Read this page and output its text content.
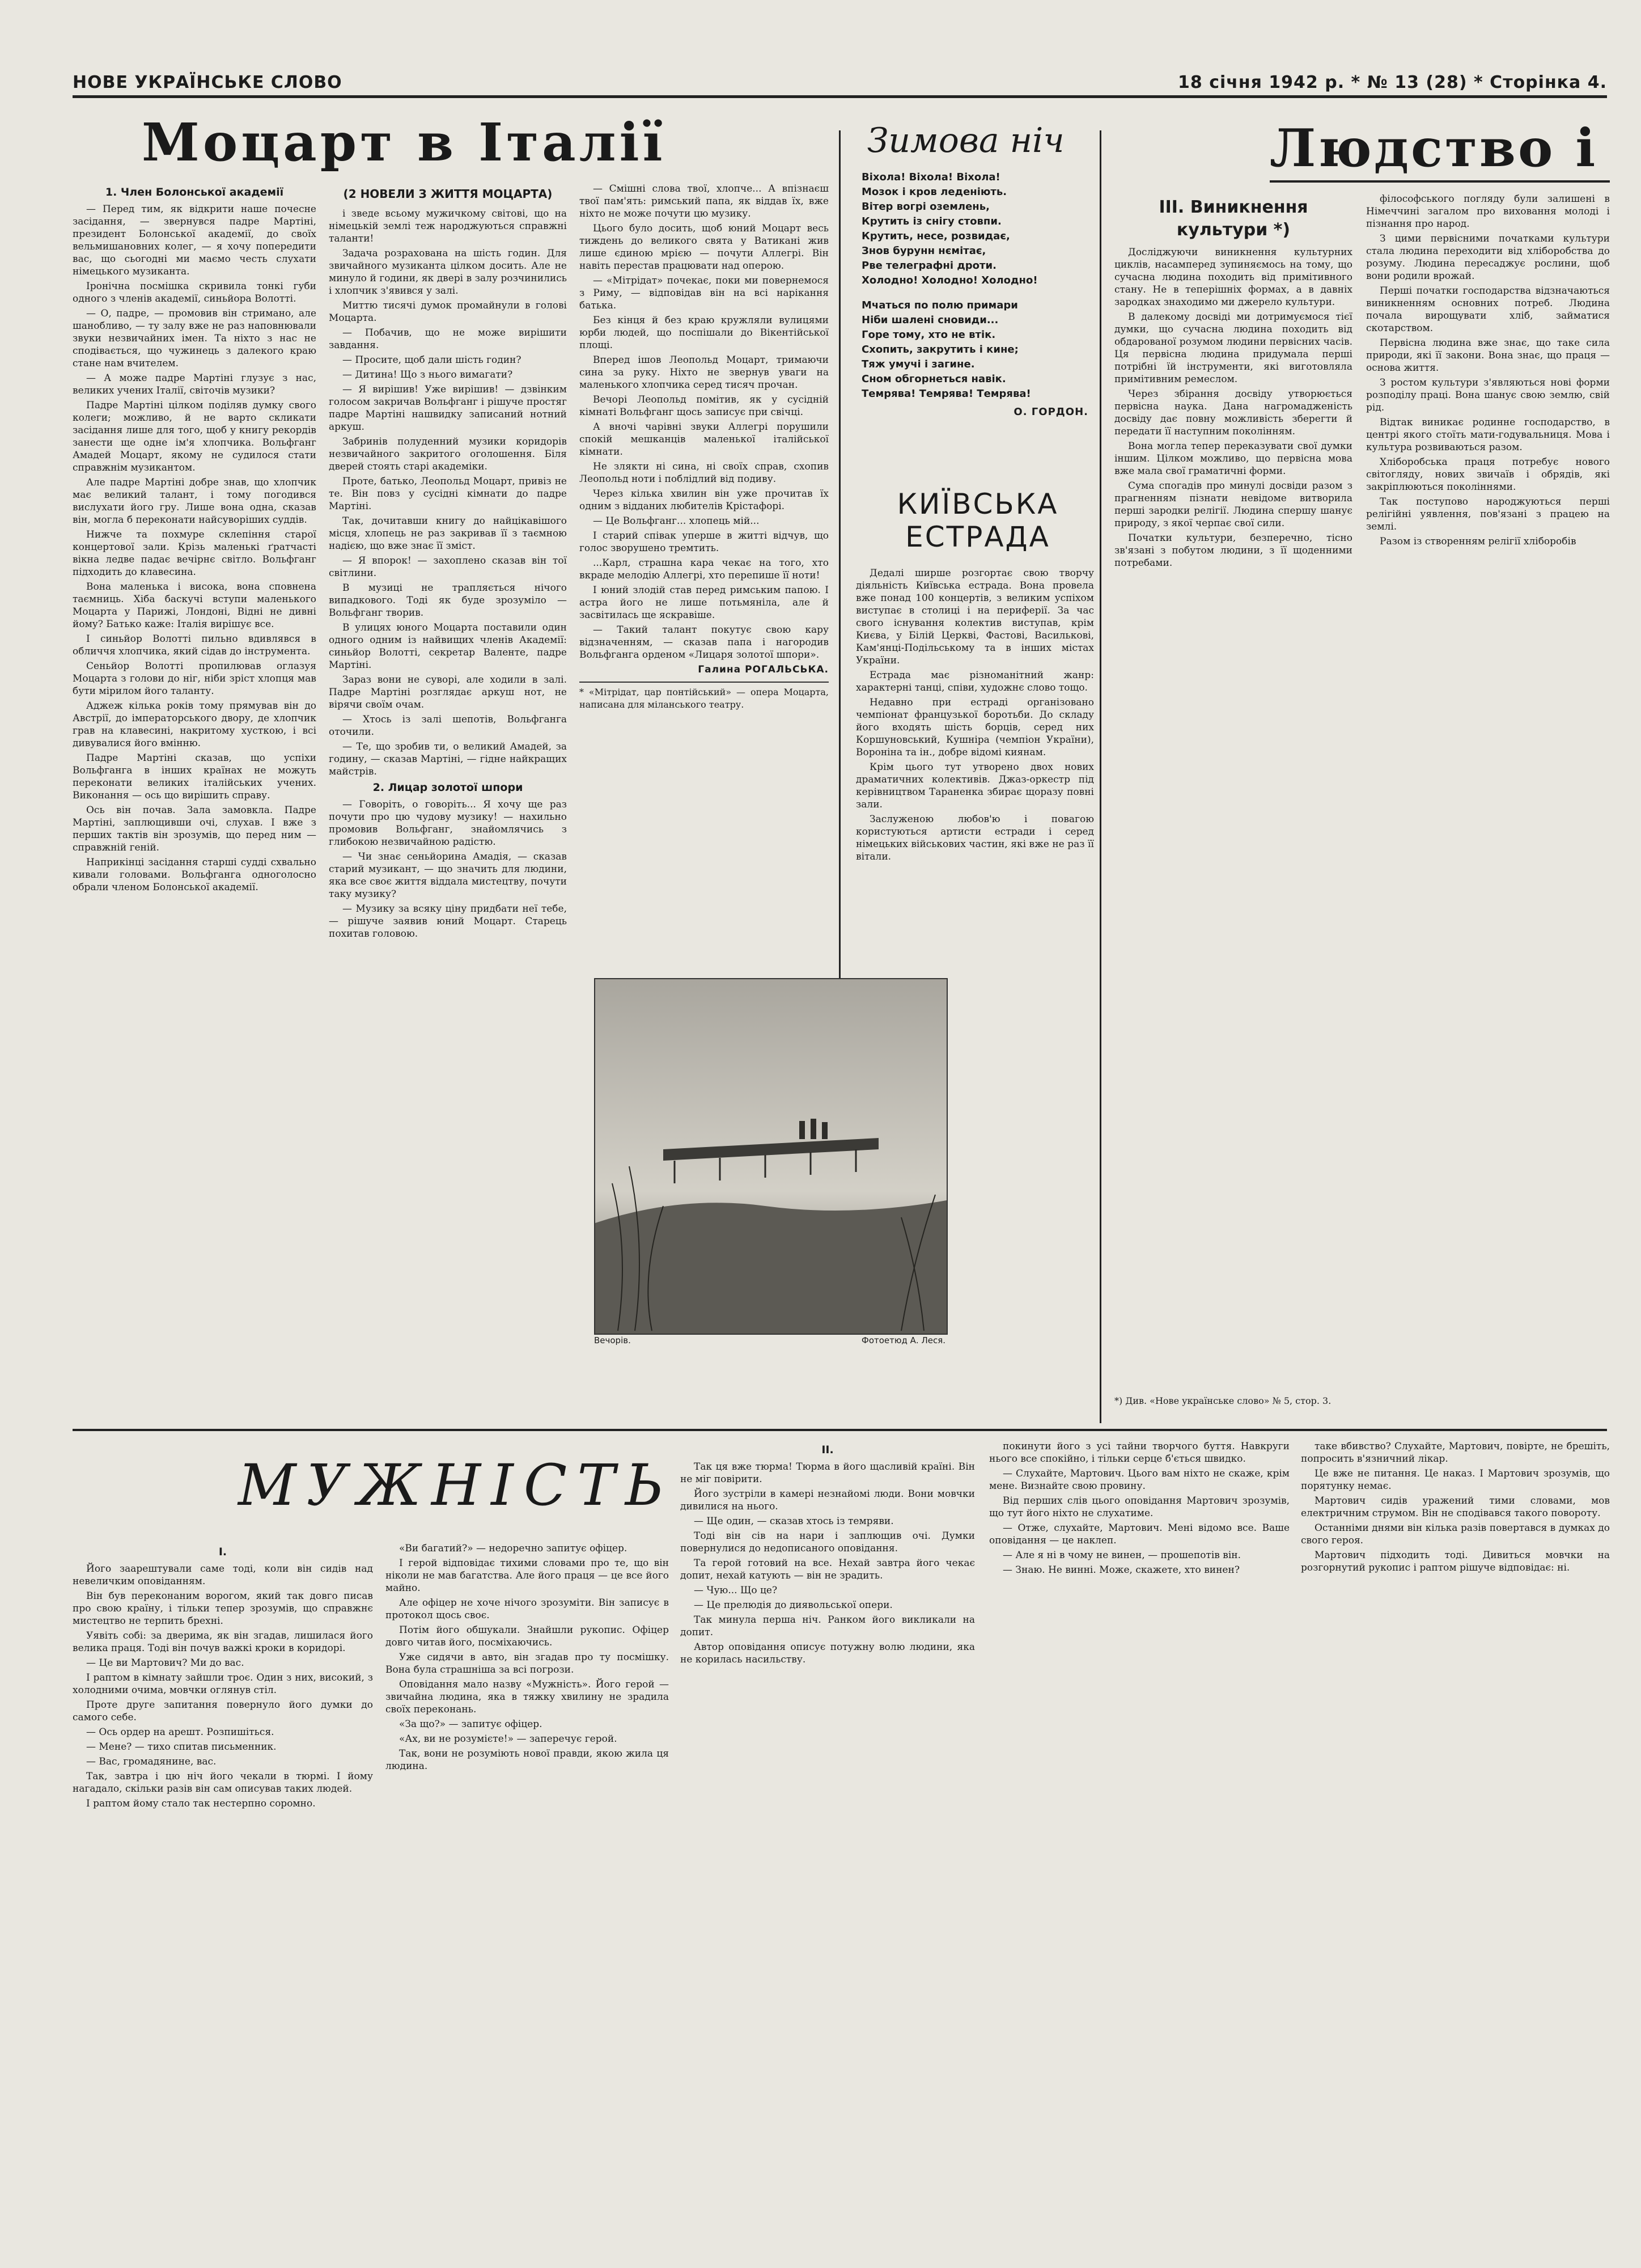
НОВЕ УКРАЇНСЬКЕ СЛОВО	18 січня 1942 р. * № 13 (28) * Сторінка 4.
Моцарт в Італії
1. Член Болонської академії

— Перед тим, як відкрити наше почесне засідання, — звернувся падре Мартіні, президент Болонської академії, до своїх вельмишановних колег, — я хочу попередити вас, що сьогодні ми маємо честь слухати німецького музиканта.

Іронічна посмішка скривила тонкі губи одного з членів академії, синьйора Волотті.

— О, падре, — промовив він стримано, але шанобливо, — ту залу вже не раз наповнювали звуки незвичайних імен. Та ніхто з нас не сподівається, що чужинець з далекого краю стане нам вчителем.

— А може падре Мартіні глузує з нас, великих учених Італії, світочів музики?

Падре Мартіні цілком поділяв думку свого колеги; можливо, й не варто скликати засідання лише для того, щоб у книгу рекордів занести ще одне ім'я хлопчика. Вольфганг Амадей Моцарт, якому не судилося стати справжнім музикантом.

Але падре Мартіні добре знав, що хлопчик має великий талант, і тому погодився вислухати його гру. Лише вона одна, сказав він, могла б переконати найсуворіших суддів.

Нижче та похмуре склепіння старої концертової зали. Крізь маленькі ґратчасті вікна ледве падає вечірнє світло. Вольфганг підходить до клавесина.

Вона маленька і висока, вона сповнена таємниць. Хіба баскучі вступи маленького Моцарта у Парижі, Лондоні, Відні не дивні йому? Батько каже: Італія вирішує все.

І синьйор Волотті пильно вдивлявся в обличчя хлопчика, який сідав до інструмента.

Сеньйор Волотті пропилював оглазуя Моцарта з голови до ніг, ніби зріст хлопця мав бути мірилом його таланту.

Аджеж кілька років тому прямував він до Австрії, до імператорського двору, де хлопчик грав на клавесині, накритому хусткою, і всі дивувалися його вмінню.

Падре Мартіні сказав, що успіхи Вольфганга в інших країнах не можуть переконати великих італійських учених. Виконання — ось що вирішить справу.

Ось він почав. Зала замовкла. Падре Мартіні, заплющивши очі, слухав. І вже з перших тактів він зрозумів, що перед ним — справжній геній.

Наприкінці засідання старші судді схвально кивали головами. Вольфганга одноголосно обрали членом Болонської академії.

(2 НОВЕЛИ З ЖИТТЯ МОЦАРТА)

і зведе всьому мужичкому світові, що на німецькій землі теж народжуються справжні таланти!

Задача розрахована на шість годин. Для звичайного музиканта цілком досить. Але не минуло й години, як двері в залу розчинились і хлопчик з'явився у залі.

Миттю тисячі думок промайнули в голові Моцарта.

— Побачив, що не може вирішити завдання.

— Просите, щоб дали шість годин?

— Дитина! Що з нього вимагати?

— Я вирішив! Уже вирішив! — дзвінким голосом закричав Вольфганг і рішуче простяг падре Мартіні нашвидку записаний нотний аркуш.

Забринів полуденний музики коридорів незвичайного закритого оголошення. Біля дверей стоять старі академіки.

Проте, батько, Леопольд Моцарт, привіз не те. Він повз у сусідні кімнати до падре Мартіні.

Так, дочитавши книгу до найцікавішого місця, хлопець не раз закривав її з таємною надією, що вже знає її зміст.

— Я впорок! — захоплено сказав він тої світлини.

В музиці не трапляється нічого випадкового. Тоді як буде зрозуміло — Вольфганг творив.

В улицях юного Моцарта поставили один одного одним із найвищих членів Академії: синьйор Волотті, секретар Валенте, падре Мартіні.

Зараз вони не суворі, але ходили в залі. Падре Мартіні розглядає аркуш нот, не вірячи своїм очам.

— Хтось із залі шепотів, Вольфганга оточили.

— Те, що зробив ти, о великий Амадей, за годину, — сказав Мартіні, — гідне найкращих майстрів.

2. Лицар золотої шпори

— Говоріть, о говоріть... Я хочу ще раз почути про цю чудову музику! — нахильно промовив Вольфганг, знайомлячись з глибокою незвичайною радістю.

— Чи знає сеньйорина Амадія, — сказав старий музикант, — що значить для людини, яка все своє життя віддала мистецтву, почути таку музику?

— Музику за всяку ціну придбати неї тебе, — рішуче заявив юний Моцарт. Старець похитав головою.

— Смішні слова твої, хлопче... А впізнаєш твої пам'ять: римський папа, як віддав їх, вже ніхто не може почути цю музику.

Цього було досить, щоб юний Моцарт весь тиждень до великого свята у Ватикані жив лише єдиною мрією — почути Аллегрі. Він навіть перестав працювати над оперою.

— «Мітрідат» почекає, поки ми повернемося з Риму, — відповідав він на всі нарікання батька.

Без кінця й без краю кружляли вулицями юрби людей, що поспішали до Вікентійської площі.

Вперед ішов Леопольд Моцарт, тримаючи сина за руку. Ніхто не звернув уваги на маленького хлопчика серед тисяч прочан.

Вечорі Леопольд помітив, як у сусідній кімнаті Вольфганг щось записує при свічці.

А вночі чарівні звуки Аллегрі порушили спокій мешканців маленької італійської кімнати.

Не злякти ні сина, ні своїх справ, схопив Леопольд ноти і поблідлий від подиву.

Через кілька хвилин він уже прочитав їх одним з відданих любителів Крістафорі.

— Це Вольфганг... хлопець мій...

І старий співак уперше в житті відчув, що голос зворушено тремтить.

...Карл, страшна кара чекає на того, хто вкраде мелодію Аллегрі, хто перепише її ноти!

І юний злодій став перед римським папою. І астра його не лише потьмяніла, але й засвітилась ще яскравіше.

— Такий талант покутує свою кару відзначенням, — сказав папа і нагородив Вольфганга орденом «Лицаря золотої шпори».

Галина РОГАЛЬСЬКА.
* «Мітрідат, цар понтійський» — опера Моцарта, написана для міланського театру.
Зимова ніч
Віхола! Віхола! Віхола!
Мозок і кров леденіють.
Вітер вогрі оземлень,
Крутить із снігу стовпи.
Крутить, несе, розвидає,
Знов бурунн нємітає,
Рве телеграфні дроти.
Холодно! Холодно! Холодно!
Мчаться по полю примари
Ніби шалені сновиди...
Горе тому, хто не втік.
Схопить, закрутить і кине;
Тяж умучі і загине.
Сном обгорнеться навік.
Темрява! Темрява! Темрява!
О. ГОРДОН.
КИЇВСЬКА
ЕСТРАДА

Дедалі ширше розгортає свою творчу діяльність Київська естрада. Вона провела вже понад 100 концертів, з великим успіхом виступає в столиці і на периферії. За час свого існування колектив виступав, крім Києва, у Білій Церкві, Фастові, Василькові, Кам'янці-Подільському та в інших містах України.

Естрада має різноманітний жанр: характерні танці, співи, художнє слово тощо.

Недавно при естраді організовано чемпіонат французької боротьби. До складу його входять шість борців, серед них Коршуновський, Кушніра (чемпіон України), Вороніна та ін., добре відомі киянам.

Крім цього тут утворено двох нових драматичних колективів. Джаз-оркестр під керівництвом Тараненка збирає щоразу повні зали.

Заслуженою любов'ю і повагою користуються артисти естради і серед німецьких військових частин, які вже не раз її вітали.

Вечорів.	Фотоетюд А. Леся.
Людство і
ІІІ. Виникнення культури *)

Досліджуючи виникнення культурних циклів, насамперед зупиняємось на тому, що сучасна людина походить від примітивного стану. Не в теперішніх формах, а в давніх зародках знаходимо ми джерело культури.

В далекому досвіді ми дотримуємося тієї думки, що сучасна людина походить від обдарованої розумом людини первісних часів. Ця первісна людина придумала перші потрібні їй інструменти, які виготовляла примітивним ремеслом.

Через збірання досвіду утворюється первісна наука. Дана нагромадженість досвіду дає повну можливість зберегти й передати її наступним поколінням.

Вона могла тепер переказувати свої думки іншим. Цілком можливо, що первісна мова вже мала свої граматичні форми.

Сума спогадів про минулі досвіди разом з прагненням пізнати невідоме витворила перші зародки релігії. Людина спершу шанує природу, з якої черпає свої сили.

Початки культури, безперечно, тісно зв'язані з побутом людини, з її щоденними потребами.

*) Див. «Нове українське слово» № 5, стор. 3.

філософського погляду були залишені в Німеччині загалом про виховання молоді і пізнання про народ.

З цими первісними початками культури стала людина переходити від хліборобства до розуму. Людина пересаджує рослини, щоб вони родили врожай.

Перші початки господарства відзначаються виникненням основних потреб. Людина почала вирощувати хліб, займатися скотарством.

Первісна людина вже знає, що таке сила природи, які її закони. Вона знає, що праця — основа життя.

З ростом культури з'являються нові форми розподілу праці. Вона шанує свою землю, свій рід.

Відтак виникає родинне господарство, в центрі якого стоїть мати-годувальниця. Мова і культура розвиваються разом.

Хліборобська праця потребує нового світогляду, нових звичаїв і обрядів, які закріплюються поколіннями.

Так поступово народжуються перші релігійні уявлення, пов'язані з працею на землі.

Разом із створенням релігії хліборобів

МУЖНІСТЬ
I.

Його заарештували саме тоді, коли він сидів над невеличким оповіданням.

Він був переконаним ворогом, який так довго писав про свою країну, і тільки тепер зрозумів, що справжнє мистецтво не терпить брехні.

Уявіть собі: за дверима, як він згадав, лишилася його велика праця. Тоді він почув важкі кроки в коридорі.

— Це ви Мартович? Ми до вас.

І раптом в кімнату зайшли троє. Один з них, високий, з холодними очима, мовчки оглянув стіл.

Проте друге запитання повернуло його думки до самого себе.

— Ось ордер на арешт. Розпишіться.

— Мене? — тихо спитав письменник.

— Вас, громадянине, вас.

Так, завтра і цю ніч його чекали в тюрмі. І йому нагадало, скільки разів він сам описував таких людей.

І раптом йому стало так нестерпно соромно.

«Ви багатий?» — недоречно запитує офіцер.

І герой відповідає тихими словами про те, що він ніколи не мав багатства. Але його праця — це все його майно.

Але офіцер не хоче нічого зрозуміти. Він записує в протокол щось своє.

Потім його обшукали. Знайшли рукопис. Офіцер довго читав його, посміхаючись.

Уже сидячи в авто, він згадав про ту посмішку. Вона була страшніша за всі погрози.

Оповідання мало назву «Мужність». Його герой — звичайна людина, яка в тяжку хвилину не зрадила своїх переконань.

«За що?» — запитує офіцер.

«Ах, ви не розумієте!» — заперечує герой.

Так, вони не розуміють нової правди, якою жила ця людина.

II.

Так ця вже тюрма! Тюрма в його щасливій країні. Він не міг повірити.

Його зустріли в камері незнайомі люди. Вони мовчки дивилися на нього.

— Ще один, — сказав хтось із темряви.

Тоді він сів на нари і заплющив очі. Думки повернулися до недописаного оповідання.

Та герой готовий на все. Нехай завтра його чекає допит, нехай катують — він не зрадить.

— Чую... Що це?

— Це прелюдія до диявольської опери.

Так минула перша ніч. Ранком його викликали на допит.

Автор оповідання описує потужну волю людини, яка не корилась насильству.

покинути його з усі тайни творчого буття. Навкруги нього все спокійно, і тільки серце б'ється швидко.

— Слухайте, Мартович. Цього вам ніхто не скаже, крім мене. Визнайте свою провину.

Від перших слів цього оповідання Мартович зрозумів, що тут його ніхто не слухатиме.

— Отже, слухайте, Мартович. Мені відомо все. Ваше оповідання — це наклеп.

— Але я ні в чому не винен, — прошепотів він.

— Знаю. Не винні. Може, скажете, хто винен?

таке вбивство? Слухайте, Мартович, повірте, не брешіть, попросить в'язничний лікар.

Це вже не питання. Це наказ. І Мартович зрозумів, що порятунку немає.

Мартович сидів уражений тими словами, мов електричним струмом. Він не сподівався такого повороту.

Останніми днями він кілька разів повертався в думках до свого героя.

Мартович підходить тоді. Дивиться мовчки на розгорнутий рукопис і раптом рішуче відповідає: ні.
